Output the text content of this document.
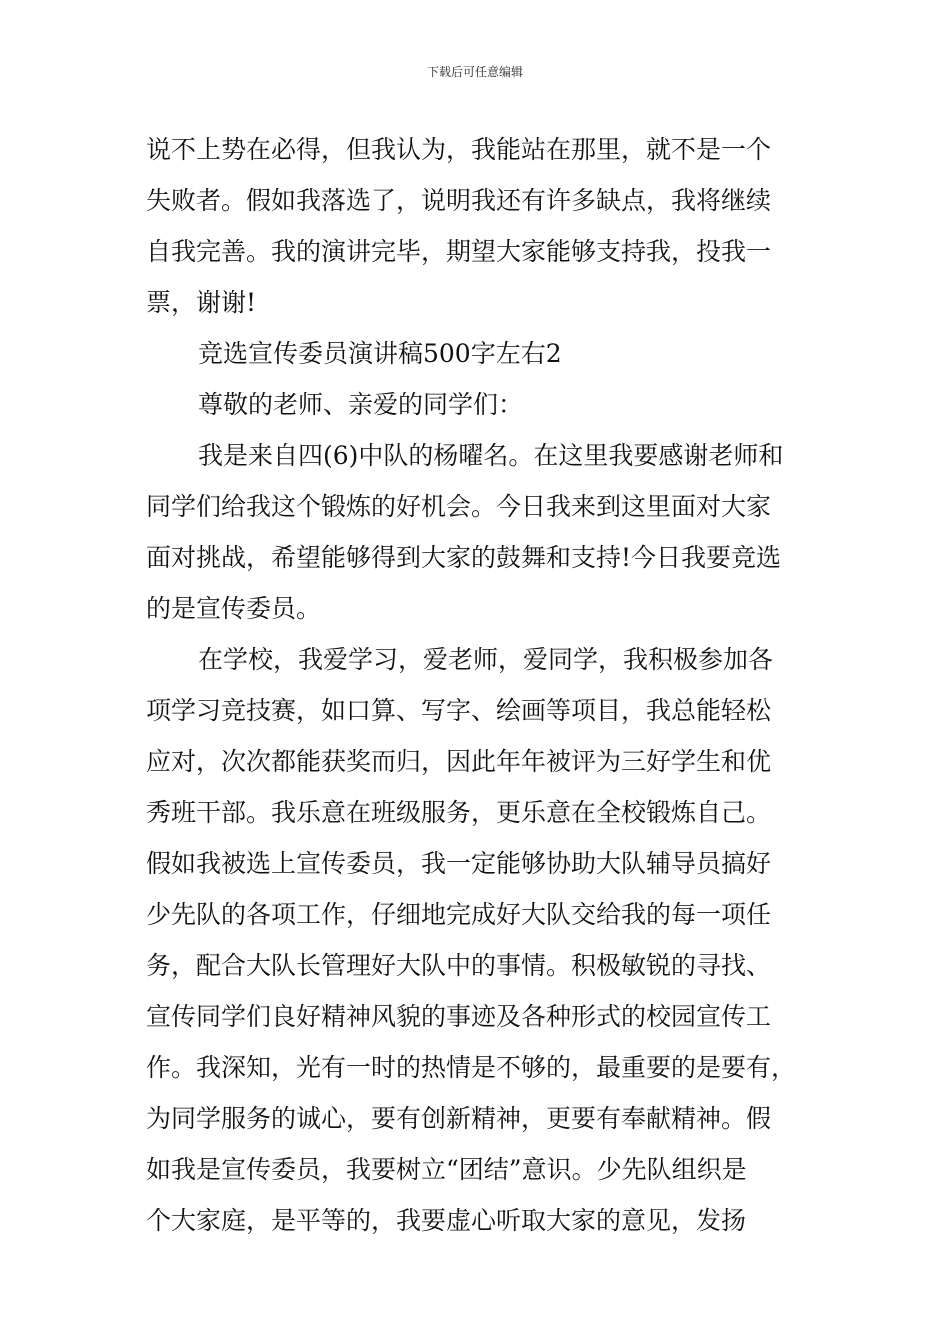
下载后可任意编辑
说不上势在必得，但我认为，我能站在那里，就不是一个
失败者。假如我落选了，说明我还有许多缺点，我将继续
自我完善。我的演讲完毕，期望大家能够支持我，投我一
票，谢谢!
竞选宣传委员演讲稿500字左右2
尊敬的老师、亲爱的同学们：
我是来自四(6)中队的杨曜名。在这里我要感谢老师和
同学们给我这个锻炼的好机会。今日我来到这里面对大家
面对挑战，希望能够得到大家的鼓舞和支持!今日我要竞选
的是宣传委员。
在学校，我爱学习，爱老师，爱同学，我积极参加各
项学习竞技赛，如口算、写字、绘画等项目，我总能轻松
应对，次次都能获奖而归，因此年年被评为三好学生和优
秀班干部。我乐意在班级服务，更乐意在全校锻炼自己。
假如我被选上宣传委员，我一定能够协助大队辅导员搞好
少先队的各项工作，仔细地完成好大队交给我的每一项任
务，配合大队长管理好大队中的事情。积极敏锐的寻找、
宣传同学们良好精神风貌的事迹及各种形式的校园宣传工
作。我深知，光有一时的热情是不够的，最重要的是要有，
为同学服务的诚心，要有创新精神，更要有奉献精神。假
如我是宣传委员，我要树立“团结”意识。少先队组织是
个大家庭，是平等的，我要虚心听取大家的意见，发扬
